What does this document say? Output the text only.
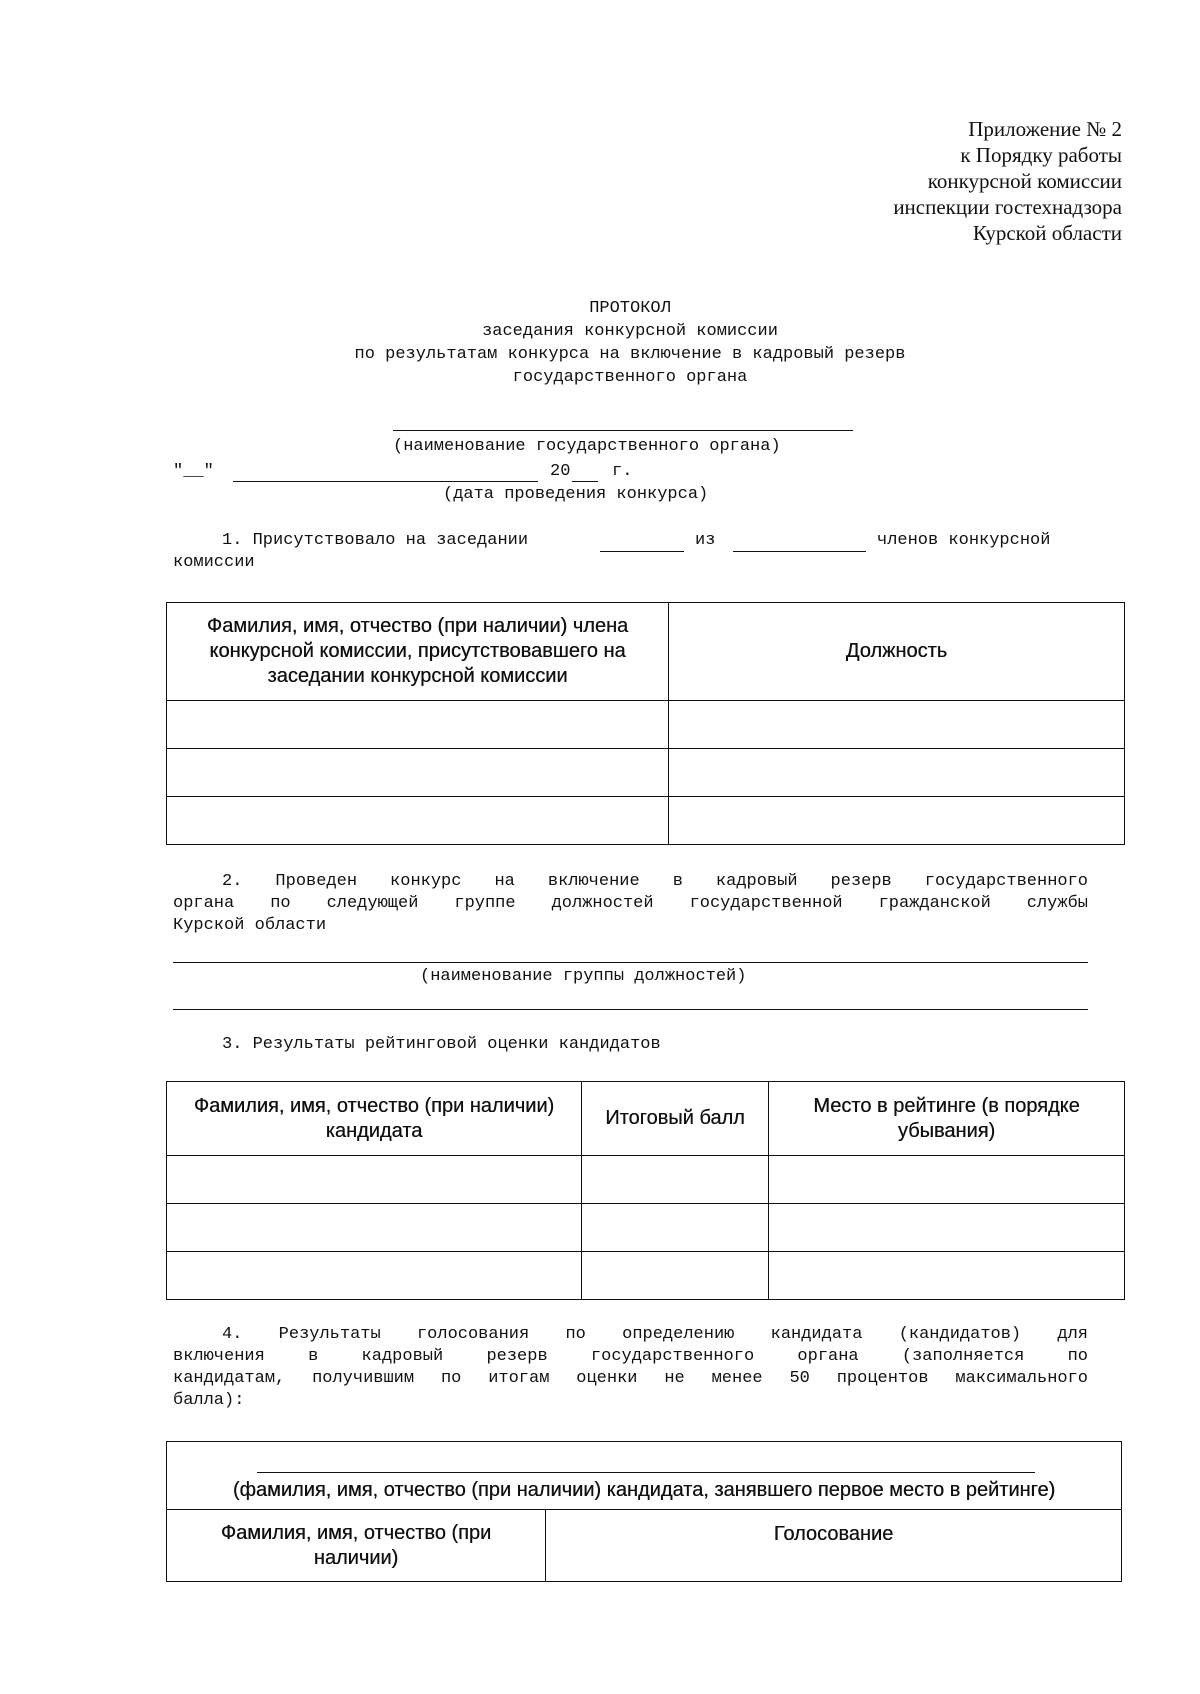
Приложение № 2
к Порядку работы
конкурсной комиссии
инспекции гостехнадзора
Курской области
ПРОТОКОЛ
заседания конкурсной комиссии
по результатам конкурса на включение в кадровый резерв
государственного органа
(наименование государственного органа)
"__"	20 г.
(дата проведения конкурса)
1. Присутствовало на заседании	из	членов конкурсной
комиссии
Фамилия, имя, отчество (при наличии) члена конкурсной комиссии, присутствовавшего на заседании конкурсной комиссии	Должность

2. Проведен конкурс на включение в кадровый резерв государственного
органа по следующей группе должностей государственной гражданской службы
Курской области
(наименование группы должностей)
3. Результаты рейтинговой оценки кандидатов
Фамилия, имя, отчество (при наличии) кандидата	Итоговый балл	Место в рейтинге (в порядке убывания)

4. Результаты голосования по определению кандидата (кандидатов) для
включения в кадровый резерв государственного органа (заполняется по
кандидатам, получившим по итогам оценки не менее 50 процентов максимального
балла):
(фамилия, имя, отчество (при наличии) кандидата, занявшего первое место в рейтинге)
Фамилия, имя, отчество (при наличии)	Голосование
